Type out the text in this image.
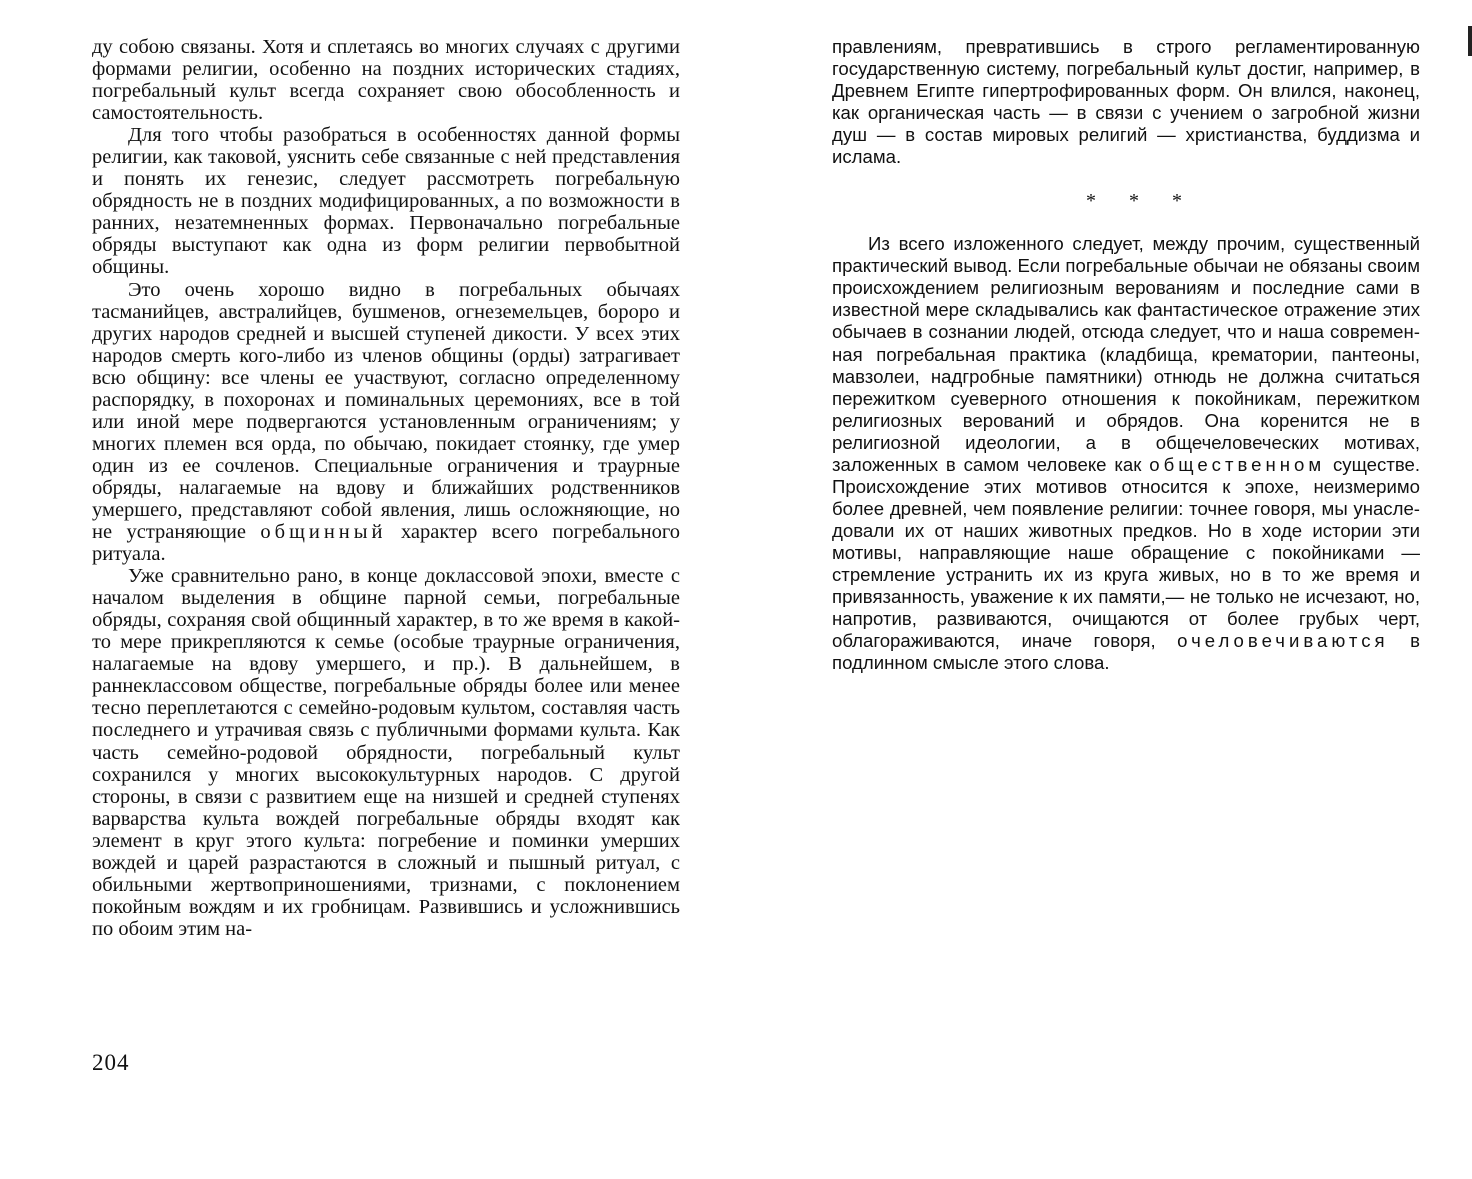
ду собою связаны. Хотя и сплетаясь во многих случаях с другими формами религии, особенно на поздних исторических стадиях, погребальный культ всегда сохраняет свою обособленность и самостоятельность.

Для того чтобы разобраться в особенностях данной формы религии, как таковой, уяснить себе связанные с ней представления и понять их генезис, следует рассмотреть погребальную обрядность не в поздних модифицированных, а по возможности в ранних, незатемненных формах. Первоначально погребальные обряды выступают как одна из форм религии первобытной общины.

Это очень хорошо видно в погребальных обычаях тасманийцев, австралийцев, бушменов, огнеземельцев, бороро и других народов средней и высшей ступеней дикости. У всех этих народов смерть кого-либо из членов общины (орды) затрагивает всю общину: все члены ее участвуют, согласно определенному распорядку, в похоронах и поминальных церемониях, все в той или иной мере подвергаются установленным ограничениям; у многих племен вся орда, по обычаю, покидает стоянку, где умер один из ее сочленов. Специальные ограничения и траурные обряды, налагаемые на вдову и ближайших родственников умершего, представляют собой явления, лишь осложняющие, но не устраняющие общинный характер всего погребального ритуала.

Уже сравнительно рано, в конце доклассовой эпохи, вместе с началом выделения в общине парной семьи, погребальные обряды, сохраняя свой общинный характер, в то же время в какой-то мере прикрепляются к семье (особые траурные ограничения, налагаемые на вдову умершего, и пр.). В дальнейшем, в раннеклассовом обществе, погребальные обряды более или менее тесно переплетаются с семейно-родовым культом, составляя часть последнего и утрачивая связь с публичными формами культа. Как часть семейно-родовой обрядности, погребальный культ сохранился у многих высококультурных народов. С другой стороны, в связи с развитием еще на низшей и средней ступенях варварства культа вождей погребальные обряды входят как элемент в круг этого культа: погребение и поминки умерших вождей и царей разрастаются в сложный и пышный ритуал, с обильными жертвоприношениями, тризнами, с поклонением покойным вождям и их гробницам. Развившись и усложнившись по обоим этим на-

204

правлениям, превратившись в строго регламентированную государственную систему, погребальный культ достиг, например, в Древнем Египте гипертрофированных форм. Он влился, наконец, как органическая часть — в связи с учением о загробной жизни душ — в состав мировых религий — христианства, буддизма и ислама.

* * *

Из всего изложенного следует, между прочим, существенный практический вывод. Если погребальные обычаи не обязаны своим происхождением религиозным верованиям и последние сами в известной мере складывались как фантастическое отражение этих обычаев в сознании людей, отсюда следует, что и наша современная погребальная практика (кладбища, крематории, пантеоны, мавзолеи, надгробные памятники) отнюдь не должна считаться пережитком суеверного отношения к покойникам, пережитком религиозных верований и обрядов. Она коренится не в религиозной идеологии, а в общечеловеческих мотивах, заложенных в самом человеке как общественном существе. Происхождение этих мотивов относится к эпохе, неизмеримо более древней, чем появление религии: точнее говоря, мы унаследовали их от наших животных предков. Но в ходе истории эти мотивы, направляющие наше обращение с покойниками — стремление устранить их из круга живых, но в то же время и привязанность, уважение к их памяти,— не только не исчезают, но, напротив, развиваются, очищаются от более грубых черт, облагораживаются, иначе говоря, очеловечиваются в подлинном смысле этого слова.
